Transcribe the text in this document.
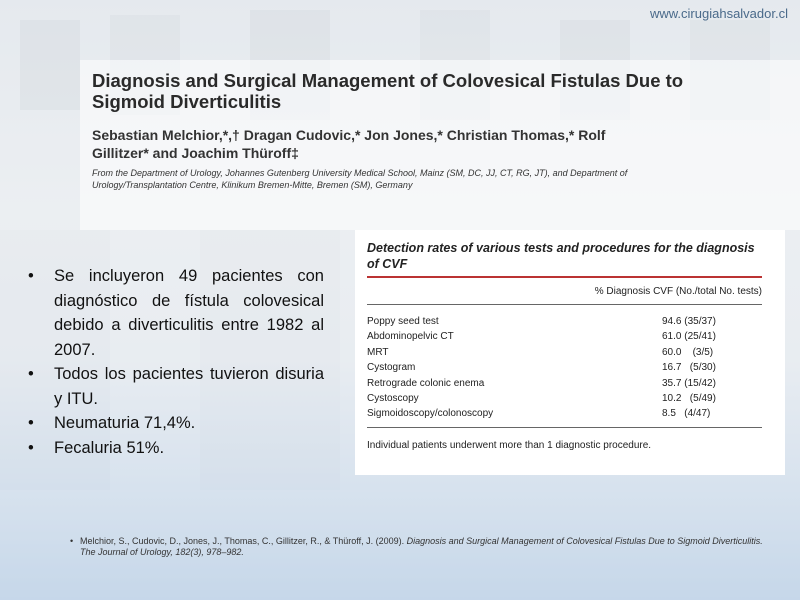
www.cirugiahsalvador.cl
Diagnosis and Surgical Management of Colovesical Fistulas Due to Sigmoid Diverticulitis
Sebastian Melchior,*,† Dragan Cudovic,* Jon Jones,* Christian Thomas,* Rolf Gillitzer* and Joachim Thüroff‡
From the Department of Urology, Johannes Gutenberg University Medical School, Mainz (SM, DC, JJ, CT, RG, JT), and Department of Urology/Transplantation Centre, Klinikum Bremen-Mitte, Bremen (SM), Germany
• Se incluyeron 49 pacientes con diagnóstico de fístula colovesical debido a diverticulitis entre 1982 al 2007.
• Todos los pacientes tuvieron disuria y ITU.
• Neumaturia 71,4%.
• Fecaluria 51%.
Detection rates of various tests and procedures for the diagnosis of CVF
% Diagnosis CVF (No./total No. tests)
Poppy seed test	94.6 (35/37)
Abdominopelvic CT	61.0 (25/41)
MRT	60.0    (3/5)
Cystogram	16.7   (5/30)
Retrograde colonic enema	35.7 (15/42)
Cystoscopy	10.2   (5/49)
Sigmoidoscopy/colonoscopy	8.5   (4/47)
Individual patients underwent more than 1 diagnostic procedure.
• Melchior, S., Cudovic, D., Jones, J., Thomas, C., Gillitzer, R., & Thüroff, J. (2009). Diagnosis and Surgical Management of Colovesical Fistulas Due to Sigmoid Diverticulitis. The Journal of Urology, 182(3), 978–982.
